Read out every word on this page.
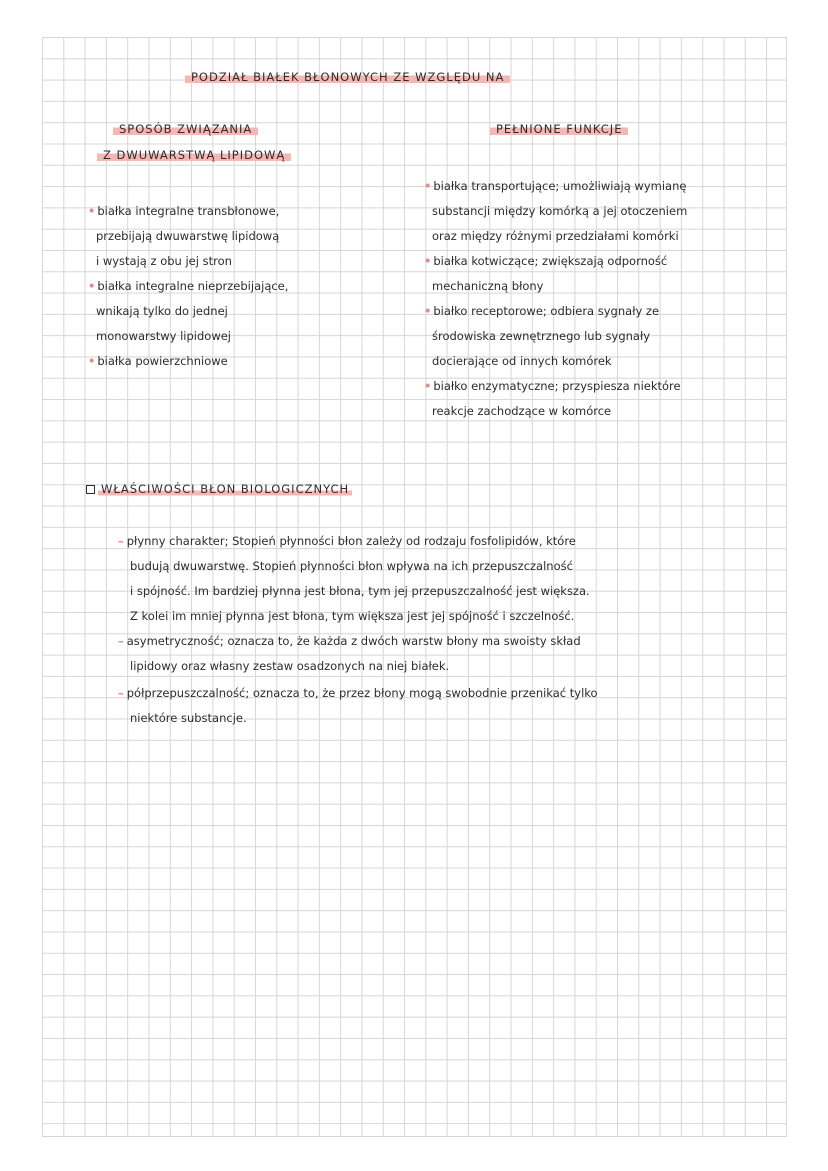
PODZIAŁ BIAŁEK BŁONOWYCH ZE WZGLĘDU NA

SPOSÓB ZWIĄZANIA

Z DWUWARSTWĄ LIPIDOWĄ

PEŁNIONE FUNKCJE

• białka integralne transbłonowe,

przebijają dwuwarstwę lipidową

i wystają z obu jej stron

• białka integralne nieprzebijające,

wnikają tylko do jednej

monowarstwy lipidowej

• białka powierzchniowe

• białka transportujące; umożliwiają wymianę

substancji między komórką a jej otoczeniem

oraz między różnymi przedziałami komórki

• białka kotwiczące; zwiększają odporność

mechaniczną błony

• białko receptorowe; odbiera sygnały ze

środowiska zewnętrznego lub sygnały

docierające od innych komórek

• białko enzymatyczne; przyspiesza niektóre

reakcje zachodzące w komórce

WŁAŚCIWOŚCI BŁON BIOLOGICZNYCH

– płynny charakter; Stopień płynności błon zależy od rodzaju fosfolipidów, które

budują dwuwarstwę. Stopień płynności błon wpływa na ich przepuszczalność

i spójność. Im bardziej płynna jest błona, tym jej przepuszczalność jest większa.

Z kolei im mniej płynna jest błona, tym większa jest jej spójność i szczelność.

– asymetryczność; oznacza to, że każda z dwóch warstw błony ma swoisty skład

lipidowy oraz własny zestaw osadzonych na niej białek.

– półprzepuszczalność; oznacza to, że przez błony mogą swobodnie przenikać tylko

niektóre substancje.
